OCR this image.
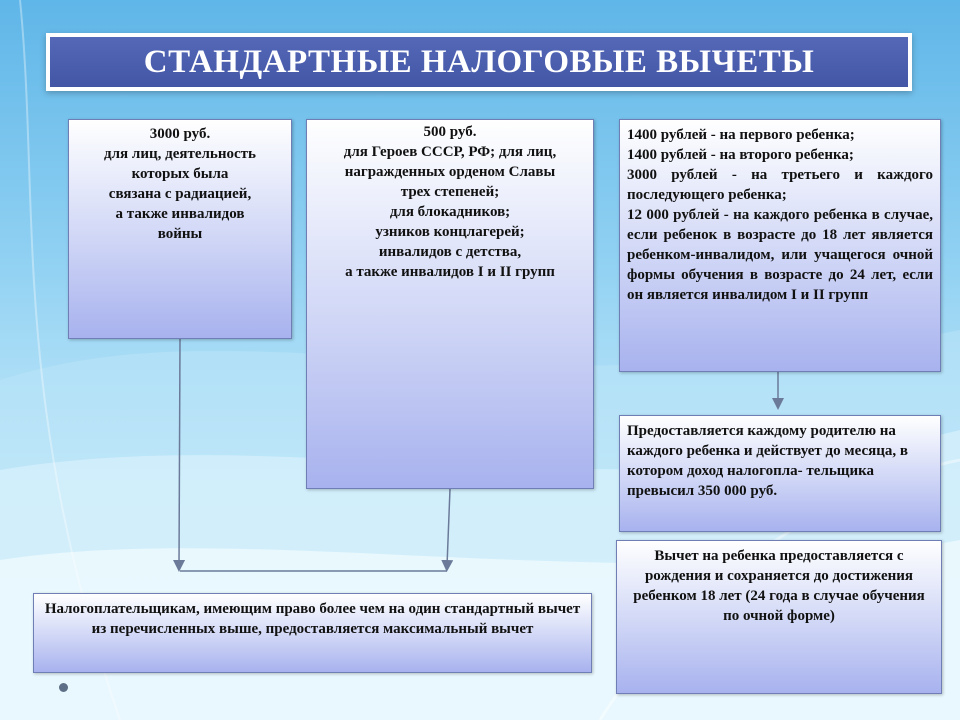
СТАНДАРТНЫЕ НАЛОГОВЫЕ ВЫЧЕТЫ
3000 руб.
для лиц, деятельность
которых была
связана с радиацией,
а также инвалидов
войны
500 руб.
для Героев СССР, РФ; для лиц,
награжденных орденом Славы
трех степеней;
для блокадников;
узников концлагерей;
инвалидов с детства,
а также инвалидов I и II групп
1400 рублей - на первого ребенка;
1400 рублей - на второго ребенка;
3000 рублей - на третьего и каждого последующего ребенка;
12 000 рублей - на каждого ребенка в случае, если ребенок в возрасте до 18 лет является ребенком-инвалидом, или учащегося очной формы обучения в возрасте до 24 лет, если он является инвалидом I и II групп
Предоставляется каждому родителю на каждого ребенка и действует до месяца, в котором доход налогопла- тельщика превысил 350 000 руб.
Вычет на ребенка предоставляется с рождения и сохраняется до достижения ребенком 18 лет (24 года в случае обучения по очной форме)
Налогоплательщикам, имеющим право более чем на один стандартный вычет из перечисленных выше, предоставляется максимальный вычет
